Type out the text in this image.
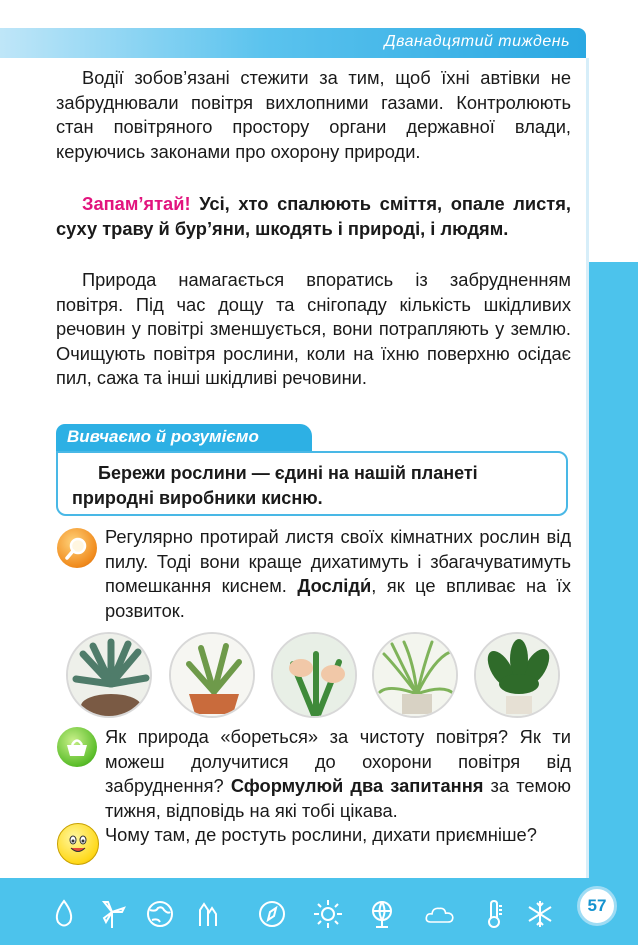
Дванадцятий тиждень
Водії зобов’язані стежити за тим, щоб їхні автівки не забруднювали повітря вихлопними газами. Контролюють стан повітряного простору органи державної влади, керуючись законами про охорону природи.
Запам’ятай! Усі, хто спалюють сміття, опале листя, суху траву й бур’яни, шкодять і природі, і людям.
Природа намагається впоратись із забрудненням повітря. Під час дощу та снігопаду кількість шкідливих речовин у повітрі зменшується, вони потрапляють у землю. Очищують повітря рослини, коли на їхню поверхню осідає пил, сажа та інші шкідливі речовини.
Вивчаємо й розуміємо
Бережи рослини — єдині на нашій планеті
природні виробники кисню.
Регулярно протирай листя своїх кімнатних рослин від пилу. Тоді вони краще дихатимуть і збагачуватимуть помешкання киснем. Досліди́, як це впливає на їх розвиток.
Як природа «бореться» за чистоту повітря? Як ти можеш долучитися до охорони повітря від забруднення? Сформулюй два запитання за темою тижня, відповідь на які тобі цікава.
Чому там, де ростуть рослини, дихати приємніше?
57
